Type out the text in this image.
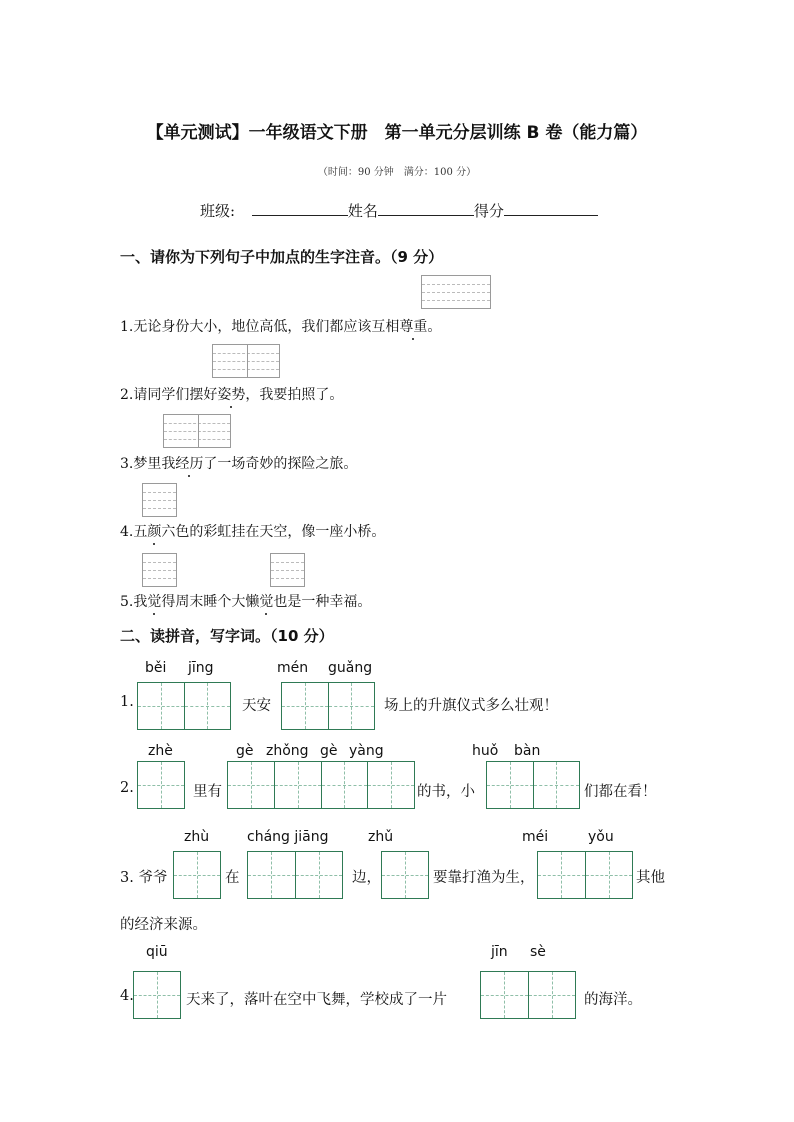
【单元测试】一年级语文下册　第一单元分层训练 B 卷（能力篇）
（时间：90 分钟　满分：100 分）
班级:	姓名	得分
一、请你为下列句子中加点的生字注音。（9 分）
1.无论身份大小，地位高低，我们都应该互相尊重。
2.请同学们摆好姿势，我要拍照了。
3.梦里我经历了一场奇妙的探险之旅。
4.五颜六色的彩虹挂在天空，像一座小桥。
5.我觉得周末睡个大懒觉也是一种幸福。
二、读拼音，写字词。（10 分）
běi jīng	mén guǎng
1.	天安	场上的升旗仪式多么壮观！
zhè	gè zhǒng gè yàng	huǒ bàn
2.	里有	的书，小	们都在看！
zhù	cháng jiāng	zhǔ	méi	yǒu
3. 爷爷	在	边，	要靠打渔为生，	其他
的经济来源。
qiū	jīn sè
4.	天来了，落叶在空中飞舞，学校成了一片	的海洋。
